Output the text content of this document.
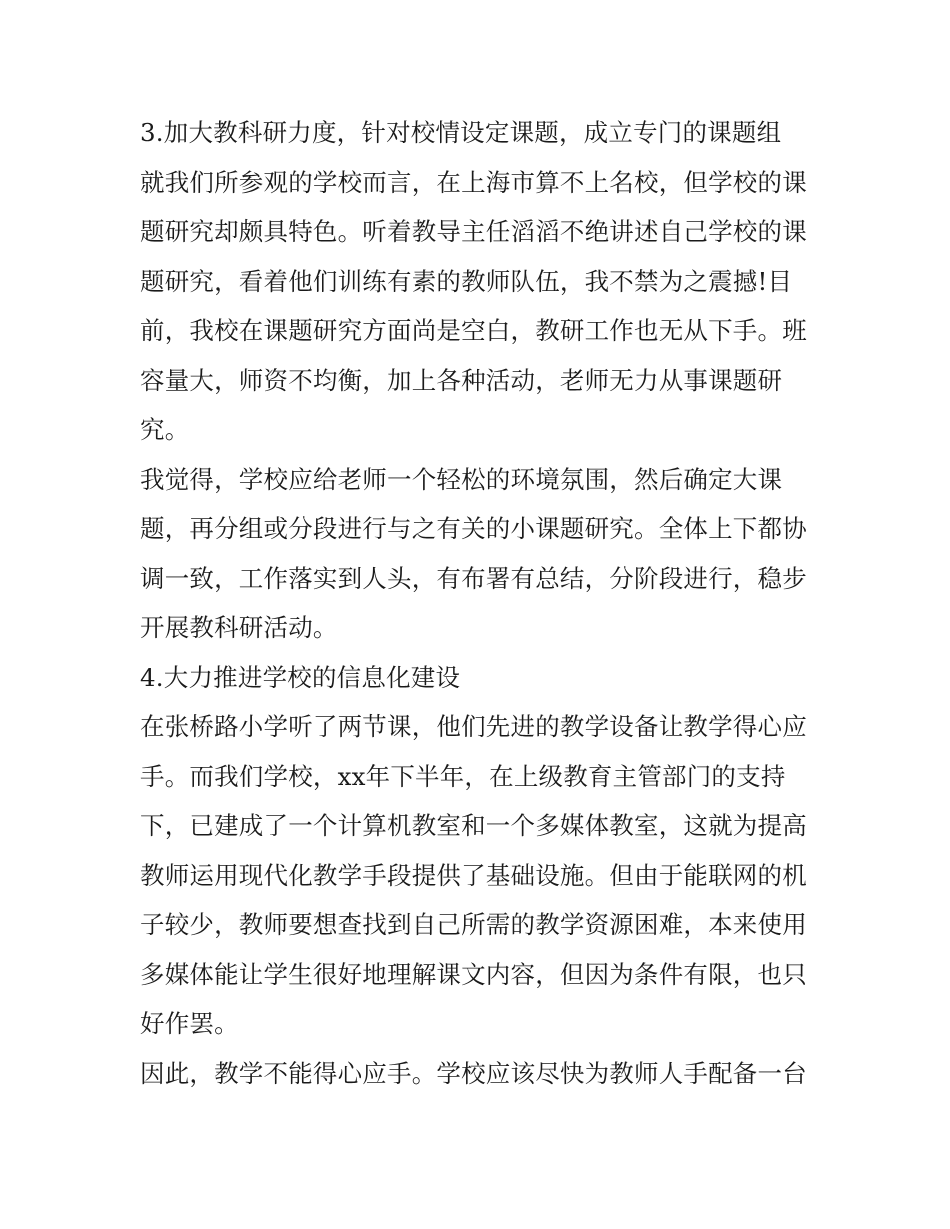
3.加大教科研力度，针对校情设定课题，成立专门的课题组
就我们所参观的学校而言，在上海市算不上名校，但学校的课
题研究却颇具特色。听着教导主任滔滔不绝讲述自己学校的课
题研究，看着他们训练有素的教师队伍，我不禁为之震撼!目
前，我校在课题研究方面尚是空白，教研工作也无从下手。班
容量大，师资不均衡，加上各种活动，老师无力从事课题研
究。
我觉得，学校应给老师一个轻松的环境氛围，然后确定大课
题，再分组或分段进行与之有关的小课题研究。全体上下都协
调一致，工作落实到人头，有布署有总结，分阶段进行，稳步
开展教科研活动。
4.大力推进学校的信息化建设
在张桥路小学听了两节课，他们先进的教学设备让教学得心应
手。而我们学校，xx年下半年，在上级教育主管部门的支持
下，已建成了一个计算机教室和一个多媒体教室，这就为提高
教师运用现代化教学手段提供了基础设施。但由于能联网的机
子较少，教师要想查找到自己所需的教学资源困难，本来使用
多媒体能让学生很好地理解课文内容，但因为条件有限，也只
好作罢。
因此，教学不能得心应手。学校应该尽快为教师人手配备一台
